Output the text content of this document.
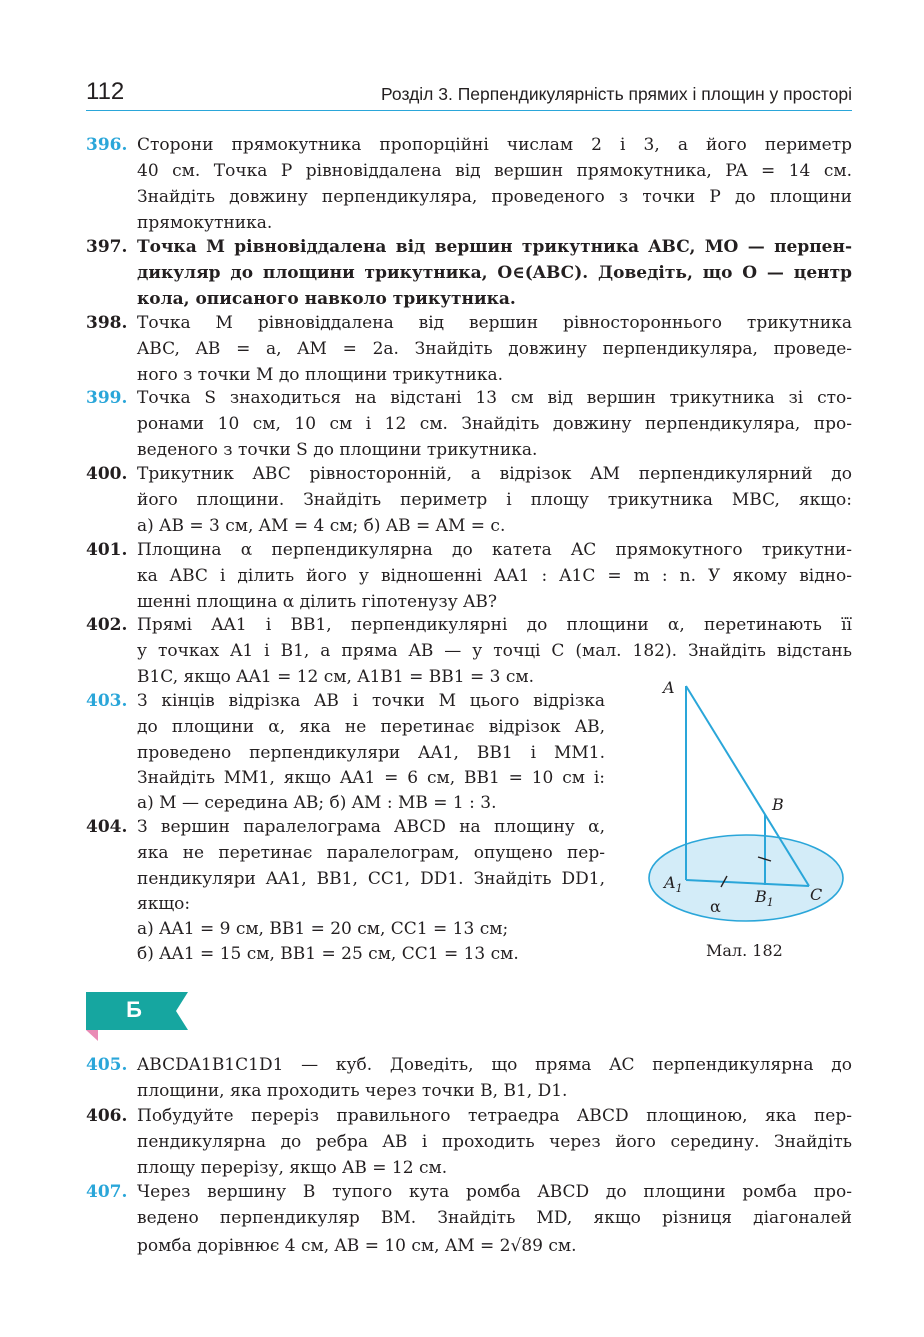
112	Розділ 3. Перпендикулярність прямих і площин у просторі
396. Сторони прямокутника пропорційні числам 2 і 3, а його периметр
40 см. Точка P рівновіддалена від вершин прямокутника, PA = 14 см.
Знайдіть довжину перпендикуляра, проведеного з точки P до площини
прямокутника.
397. Точка M рівновіддалена від вершин трикутника ABC, MO — перпен-
дикуляр до площини трикутника, O∈(ABC). Доведіть, що O — центр
кола, описаного навколо трикутника.
398. Точка M рівновіддалена від вершин рівностороннього трикутника
ABC, AB = a, AM = 2a. Знайдіть довжину перпендикуляра, проведе-
ного з точки M до площини трикутника.
399. Точка S знаходиться на відстані 13 см від вершин трикутника зі сто-
ронами 10 см, 10 см і 12 см. Знайдіть довжину перпендикуляра, про-
веденого з точки S до площини трикутника.
400. Трикутник ABC рівносторонній, а відрізок AM перпендикулярний до
його площини. Знайдіть периметр і площу трикутника MBC, якщо:
а) AB = 3 см, AM = 4 см; б) AB = AM = c.
401. Площина α перпендикулярна до катета AC прямокутного трикутни-
ка ABC і ділить його у відношенні AA1 : A1C = m : n. У якому відно-
шенні площина α ділить гіпотенузу AB?
402. Прямі AA1 і BB1, перпендикулярні до площини α, перетинають її
у точках A1 і B1, а пряма AB — у точці C (мал. 182). Знайдіть відстань
B1C, якщо AA1 = 12 см, A1B1 = BB1 = 3 см.
403. З кінців відрізка AB і точки M цього відрізка
до площини α, яка не перетинає відрізок AB,
проведено перпендикуляри AA1, BB1 і MM1.
Знайдіть MM1, якщо AA1 = 6 см, BB1 = 10 см і:
а) M — середина AB; б) AM : MB = 1 : 3.
404. З вершин паралелограма ABCD на площину α,
яка не перетинає паралелограм, опущено пер-
пендикуляри AA1, BB1, CC1, DD1. Знайдіть DD1,
якщо:
а) AA1 = 9 см, BB1 = 20 см, CC1 = 13 см;
б) AA1 = 15 см, BB1 = 25 см, CC1 = 13 см.
A
B
$A_1$	$B_1$ C
α
Мал. 182
Б
405. ABCDA1B1C1D1 — куб. Доведіть, що пряма AC перпендикулярна до
площини, яка проходить через точки B, B1, D1.
406. Побудуйте переріз правильного тетраедра ABCD площиною, яка пер-
пендикулярна до ребра AB і проходить через його середину. Знайдіть
площу перерізу, якщо AB = 12 см.
407. Через вершину B тупого кута ромба ABCD до площини ромба про-
ведено перпендикуляр BM. Знайдіть MD, якщо різниця діагоналей
ромба дорівнює 4 см, AB = 10 см, AM = 2√89 см.
